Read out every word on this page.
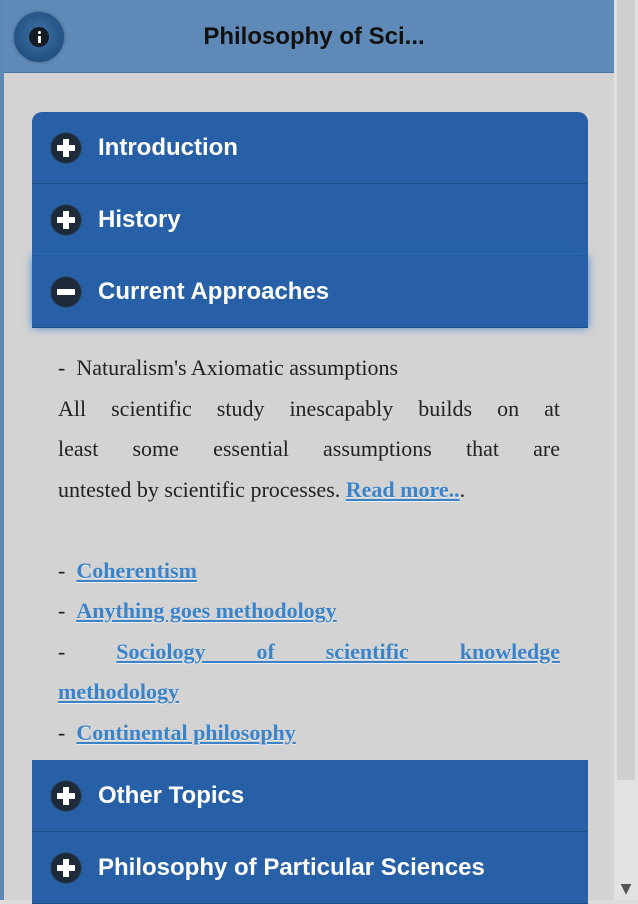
Philosophy of Sci...
Introduction
History
Current Approaches

-  Naturalism's Axiomatic assumptions

All scientific study inescapably builds on at

least some essential assumptions that are

untested by scientific processes. Read more...

-  Coherentism

-  Anything goes methodology

- Sociology of scientific knowledge

methodology

-  Continental philosophy

Other Topics
Philosophy of Particular Sciences
▼
